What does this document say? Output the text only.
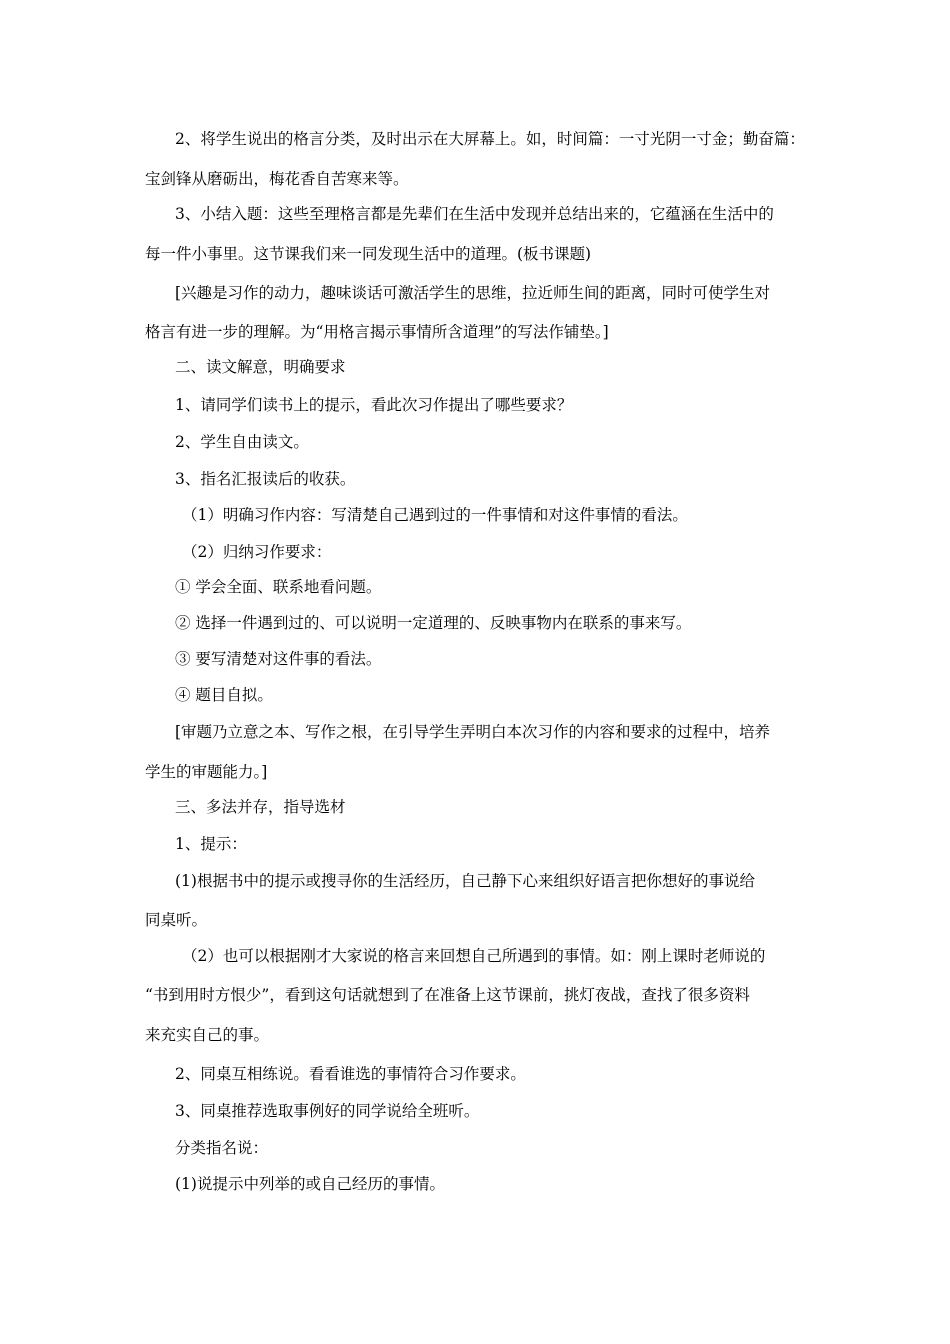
2、将学生说出的格言分类，及时出示在大屏幕上。如，时间篇：一寸光阴一寸金；勤奋篇：
宝剑锋从磨砺出，梅花香自苦寒来等。
3、小结入题：这些至理格言都是先辈们在生活中发现并总结出来的，它蕴涵在生活中的
每一件小事里。这节课我们来一同发现生活中的道理。(板书课题)
[兴趣是习作的动力，趣味谈话可激活学生的思维，拉近师生间的距离，同时可使学生对
格言有进一步的理解。为“用格言揭示事情所含道理”的写法作铺垫。]
二、读文解意，明确要求
1、请同学们读书上的提示，看此次习作提出了哪些要求？
2、学生自由读文。
3、指名汇报读后的收获。
（1）明确习作内容：写清楚自己遇到过的一件事情和对这件事情的看法。
（2）归纳习作要求：
① 学会全面、联系地看问题。
② 选择一件遇到过的、可以说明一定道理的、反映事物内在联系的事来写。
③ 要写清楚对这件事的看法。
④ 题目自拟。
[审题乃立意之本、写作之根，在引导学生弄明白本次习作的内容和要求的过程中，培养
学生的审题能力。]
三、多法并存，指导选材
1、提示：
(1)根据书中的提示或搜寻你的生活经历，自己静下心来组织好语言把你想好的事说给
同桌听。
（2）也可以根据刚才大家说的格言来回想自己所遇到的事情。如：刚上课时老师说的
“书到用时方恨少”，看到这句话就想到了在准备上这节课前，挑灯夜战，查找了很多资料
来充实自己的事。
2、同桌互相练说。看看谁选的事情符合习作要求。
3、同桌推荐选取事例好的同学说给全班听。
分类指名说：
(1)说提示中列举的或自己经历的事情。
